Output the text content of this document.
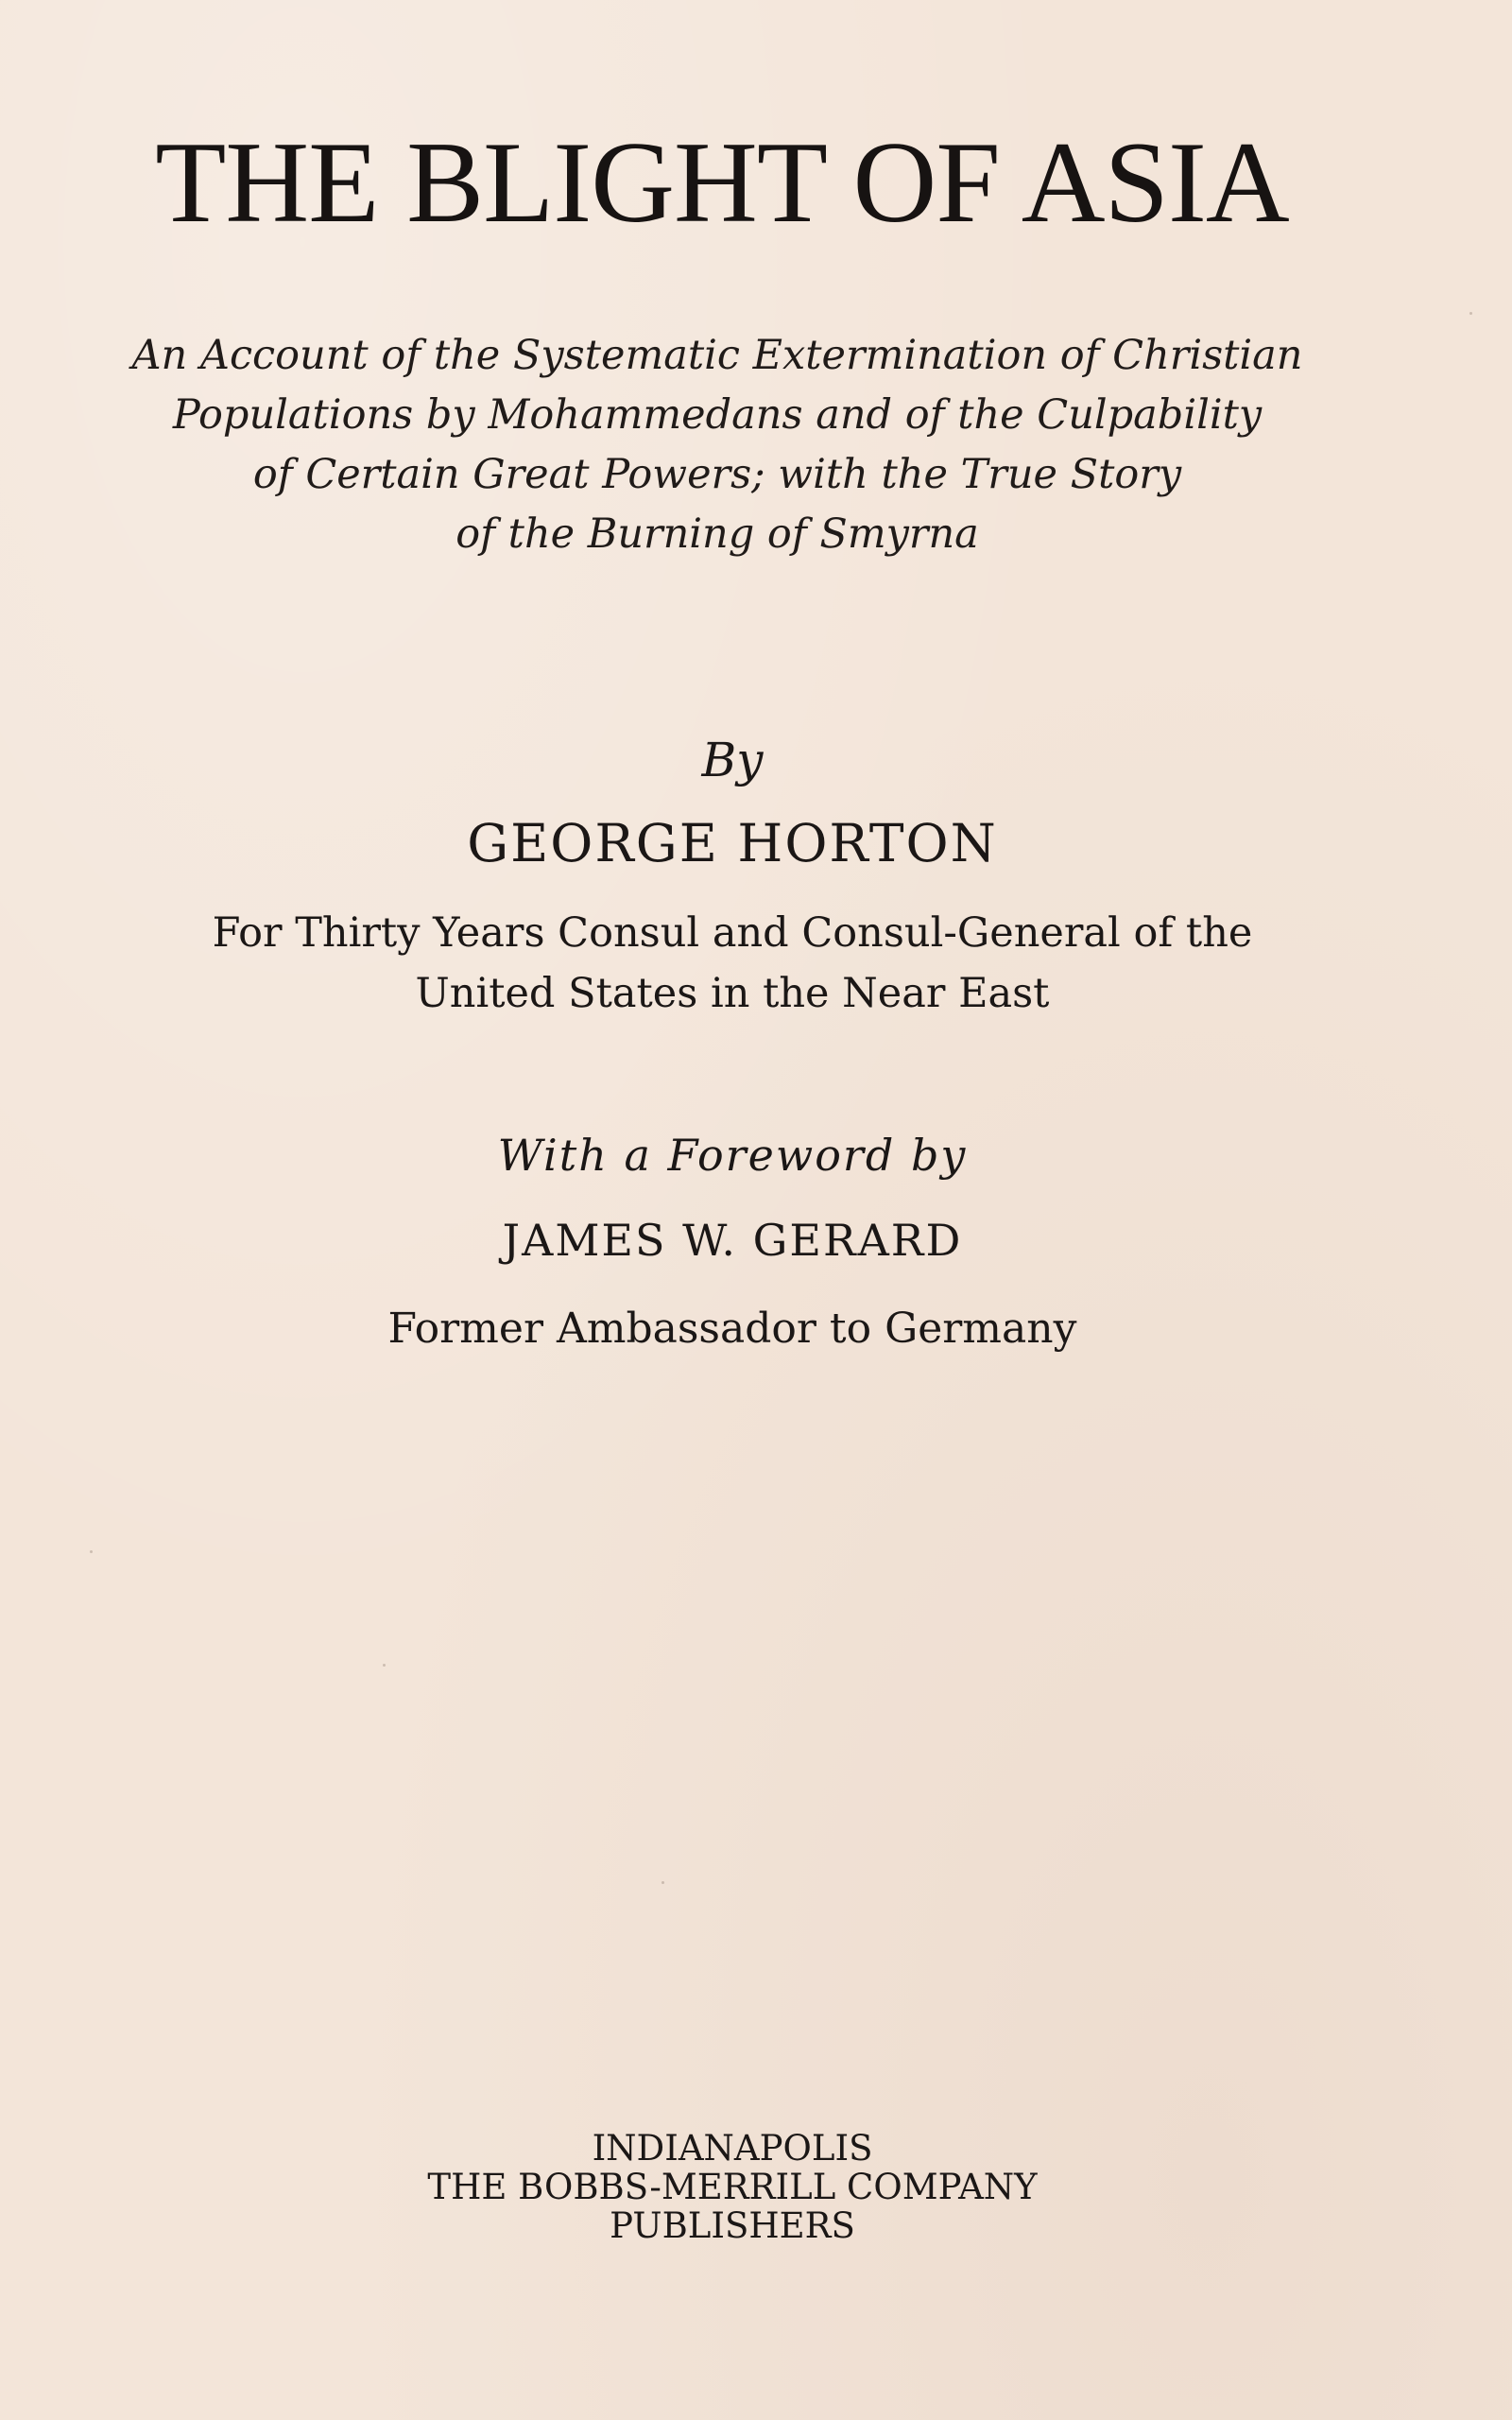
THE BLIGHT OF ASIA
An Account of the Systematic Extermination of Christian
Populations by Mohammedans and of the Culpability
of Certain Great Powers; with the True Story
of the Burning of Smyrna
By
GEORGE HORTON
For Thirty Years Consul and Consul-General of the
United States in the Near East
With a Foreword by
JAMES W. GERARD
Former Ambassador to Germany
INDIANAPOLIS
THE BOBBS-MERRILL COMPANY
PUBLISHERS
